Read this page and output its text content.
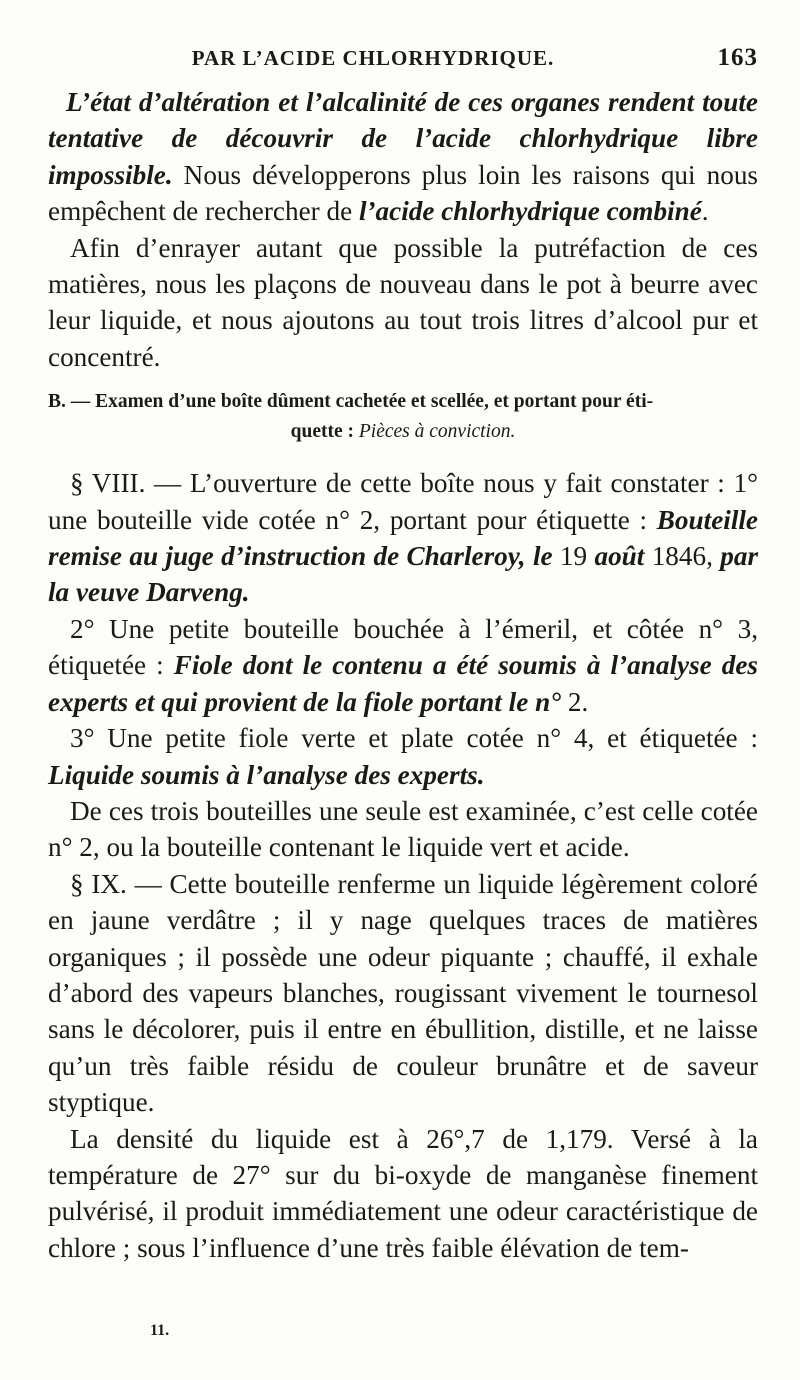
PAR L’ACIDE CHLORHYDRIQUE.	163

L’état d’altération et l’alcalinité de ces organes rendent toute tentative de découvrir de l’acide chlorhydrique libre impossible. Nous développerons plus loin les raisons qui nous empêchent de rechercher de l’acide chlorhydrique combiné.

Afin d’enrayer autant que possible la putréfaction de ces matières, nous les plaçons de nouveau dans le pot à beurre avec leur liquide, et nous ajoutons au tout trois litres d’alcool pur et concentré.

B. — Examen d’une boîte dûment cachetée et scellée, et portant pour éti-
quette : Pièces à conviction.

§ VIII. — L’ouverture de cette boîte nous y fait constater : 1° une bouteille vide cotée n° 2, portant pour étiquette : Bouteille remise au juge d’instruction de Charleroy, le 19 août 1846, par la veuve Darveng.

2° Une petite bouteille bouchée à l’émeril, et côtée n° 3, étiquetée : Fiole dont le contenu a été soumis à l’analyse des experts et qui provient de la fiole portant le n° 2.

3° Une petite fiole verte et plate cotée n° 4, et étiquetée : Liquide soumis à l’analyse des experts.

De ces trois bouteilles une seule est examinée, c’est celle cotée n° 2, ou la bouteille contenant le liquide vert et acide.

§ IX. — Cette bouteille renferme un liquide légèrement coloré en jaune verdâtre ; il y nage quelques traces de matières organiques ; il possède une odeur piquante ; chauffé, il exhale d’abord des vapeurs blanches, rougissant vivement le tournesol sans le décolorer, puis il entre en ébullition, distille, et ne laisse qu’un très faible résidu de couleur brunâtre et de saveur styptique.

La densité du liquide est à 26°,7 de 1,179. Versé à la température de 27° sur du bi-oxyde de manganèse finement pulvérisé, il produit immédiatement une odeur caractéristique de chlore ; sous l’influence d’une très faible élévation de tem-

11.
